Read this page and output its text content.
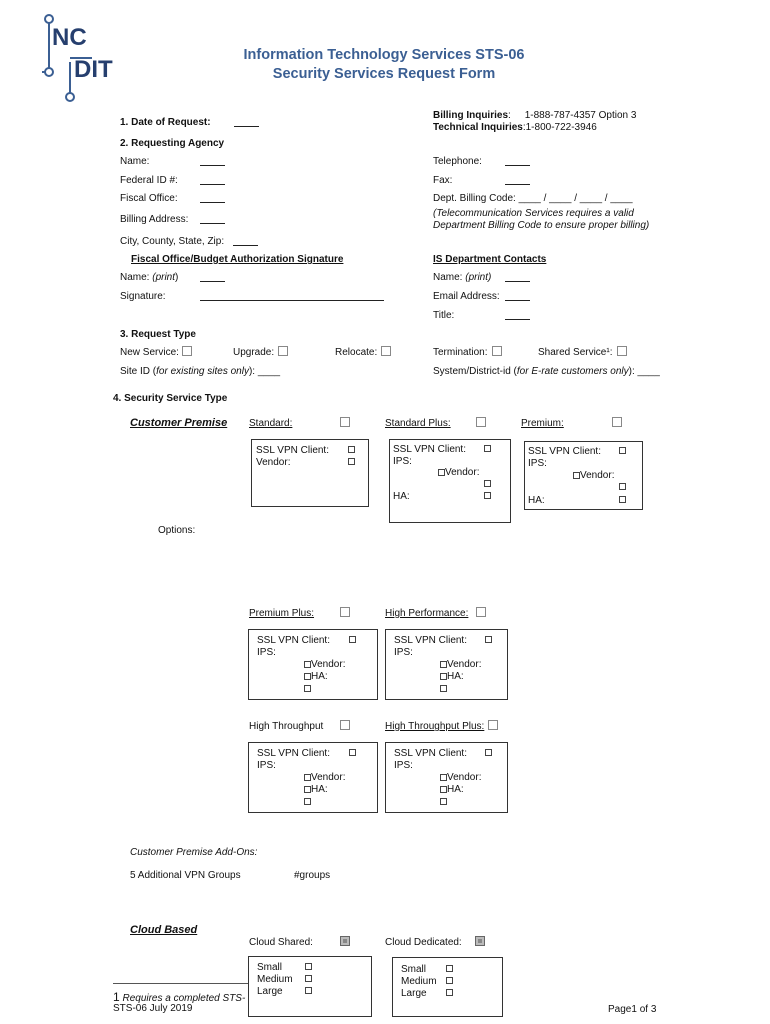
NC
DIT
Information Technology Services STS-06
Security Services Request Form
Billing Inquiries:     1-888-787-4357 Option 3
Technical Inquiries:1-800-722-3946
1. Date of Request:
2. Requesting Agency
Name:
Federal ID #:
Fiscal Office:
Billing Address:
City, County, State, Zip:
Telephone:
Fax:
Dept. Billing Code: ____ / ____ / ____ / ____
(Telecommunication Services requires a valid
Department Billing Code to ensure proper billing)
Fiscal Office/Budget Authorization Signature
Name: (print)
Signature:
IS Department Contacts
Name: (print)
Email Address:
Title:
3. Request Type
New Service:	Upgrade:	Relocate:	Termination:	Shared Service¹:
Site ID (for existing sites only): ____	System/District-id (for E-rate customers only): ____
4. Security Service Type
Customer Premise Standard:	Standard Plus:	Premium:
SSL VPN Client:
Vendor:
SSL VPN Client:
IPS:
Vendor:
HA:
SSL VPN Client:
IPS:
Vendor:
HA:
Options:
Premium Plus:	High Performance:
SSL VPN Client:
IPS:
Vendor:
HA:
SSL VPN Client:
IPS:
Vendor:
HA:
High Throughput	High Throughput Plus:
SSL VPN Client:
IPS:
Vendor:
HA:
SSL VPN Client:
IPS:
Vendor:
HA:
Customer Premise Add-Ons:
5 Additional VPN Groups	#groups
Cloud Based
Cloud Shared:	Cloud Dedicated:
Small
Medium
Large
Small
Medium
Large
1 Requires a completed STS-
STS-06 July 2019	Page1 of 3
